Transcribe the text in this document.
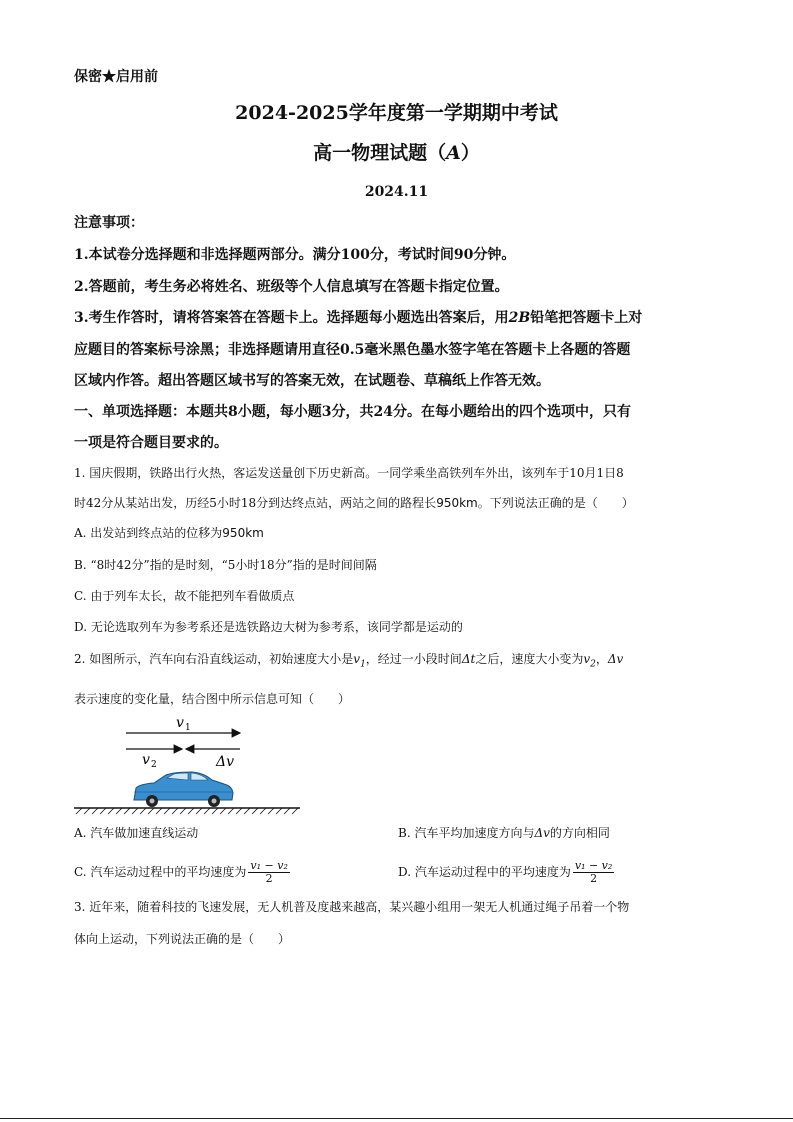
保密★启用前
2024-2025学年度第一学期期中考试
高一物理试题（A）
2024.11
注意事项：
1.本试卷分选择题和非选择题两部分。满分100分，考试时间90分钟。
2.答题前，考生务必将姓名、班级等个人信息填写在答题卡指定位置。
3.考生作答时，请将答案答在答题卡上。选择题每小题选出答案后，用2B铅笔把答题卡上对
应题目的答案标号涂黑；非选择题请用直径0.5毫米黑色墨水签字笔在答题卡上各题的答题
区域内作答。超出答题区域书写的答案无效，在试题卷、草稿纸上作答无效。
一、单项选择题：本题共8小题，每小题3分，共24分。在每小题给出的四个选项中，只有
一项是符合题目要求的。
1. 国庆假期，铁路出行火热，客运发送量创下历史新高。一同学乘坐高铁列车外出，该列车于10月1日8
时42分从某站出发，历经5小时18分到达终点站，两站之间的路程长950km。下列说法正确的是（　　）
A. 出发站到终点站的位移为950km
B. “8时42分”指的是时刻，“5小时18分”指的是时间间隔
C. 由于列车太长，故不能把列车看做质点
D. 无论选取列车为参考系还是选铁路边大树为参考系，该同学都是运动的
2. 如图所示，汽车向右沿直线运动，初始速度大小是$v_1$，经过一小段时间Δt之后，速度大小变为$v_2$，Δv
表示速度的变化量，结合图中所示信息可知（　　）
v 1
v 2	Δv
A. 汽车做加速直线运动	B. 汽车平均加速度方向与Δv的方向相同
C. 汽车运动过程中的平均速度为 $\frac{\text{v₁ − v₂}}{2}$	D. 汽车运动过程中的平均速度为 $\frac{\text{v₁ − v₂}}{2}$
3. 近年来，随着科技的飞速发展，无人机普及度越来越高，某兴趣小组用一架无人机通过绳子吊着一个物
体向上运动，下列说法正确的是（　　）
